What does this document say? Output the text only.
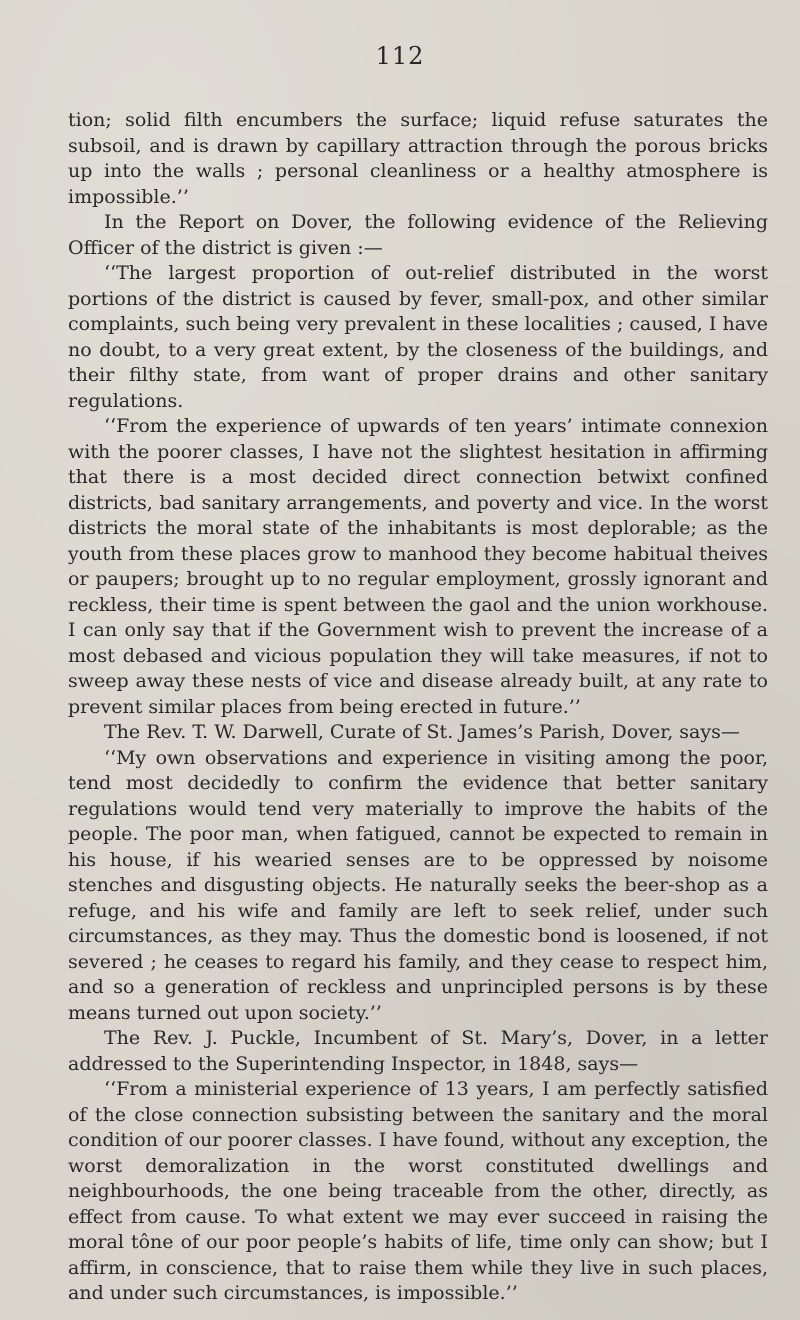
112

tion; solid filth encumbers the surface; liquid refuse saturates the subsoil, and is drawn by capillary attraction through the porous bricks up into the walls ; personal cleanliness or a healthy atmosphere is impossible.’’

In the Report on Dover, the following evidence of the Relieving Officer of the district is given :—

‘‘The largest proportion of out-relief distributed in the worst portions of the district is caused by fever, small-pox, and other similar complaints, such being very prevalent in these localities ; caused, I have no doubt, to a very great extent, by the closeness of the buildings, and their filthy state, from want of proper drains and other sanitary regulations.

‘‘From the experience of upwards of ten years’ intimate connexion with the poorer classes, I have not the slightest hesitation in affirming that there is a most decided direct connection betwixt confined districts, bad sanitary arrangements, and poverty and vice. In the worst districts the moral state of the inhabitants is most deplorable; as the youth from these places grow to manhood they become habitual theives or paupers; brought up to no regular employment, grossly ignorant and reckless, their time is spent between the gaol and the union workhouse. I can only say that if the Government wish to prevent the increase of a most debased and vicious population they will take measures, if not to sweep away these nests of vice and disease already built, at any rate to prevent similar places from being erected in future.’’

The Rev. T. W. Darwell, Curate of St. James’s Parish, Dover, says—

‘‘My own observations and experience in visiting among the poor, tend most decidedly to confirm the evidence that better sanitary regulations would tend very materially to improve the habits of the people. The poor man, when fatigued, cannot be expected to remain in his house, if his wearied senses are to be oppressed by noisome stenches and disgusting objects. He naturally seeks the beer-shop as a refuge, and his wife and family are left to seek relief, under such circumstances, as they may. Thus the domestic bond is loosened, if not severed ; he ceases to regard his family, and they cease to respect him, and so a generation of reckless and unprincipled persons is by these means turned out upon society.’’

The Rev. J. Puckle, Incumbent of St. Mary’s, Dover, in a letter addressed to the Superintending Inspector, in 1848, says—

‘‘From a ministerial experience of 13 years, I am perfectly satisfied of the close connection subsisting between the sanitary and the moral condition of our poorer classes. I have found, without any exception, the worst demoralization in the worst constituted dwellings and neighbourhoods, the one being traceable from the other, directly, as effect from cause. To what extent we may ever succeed in raising the moral tône of our poor people’s habits of life, time only can show; but I affirm, in conscience, that to raise them while they live in such places, and under such circumstances, is impossible.’’
